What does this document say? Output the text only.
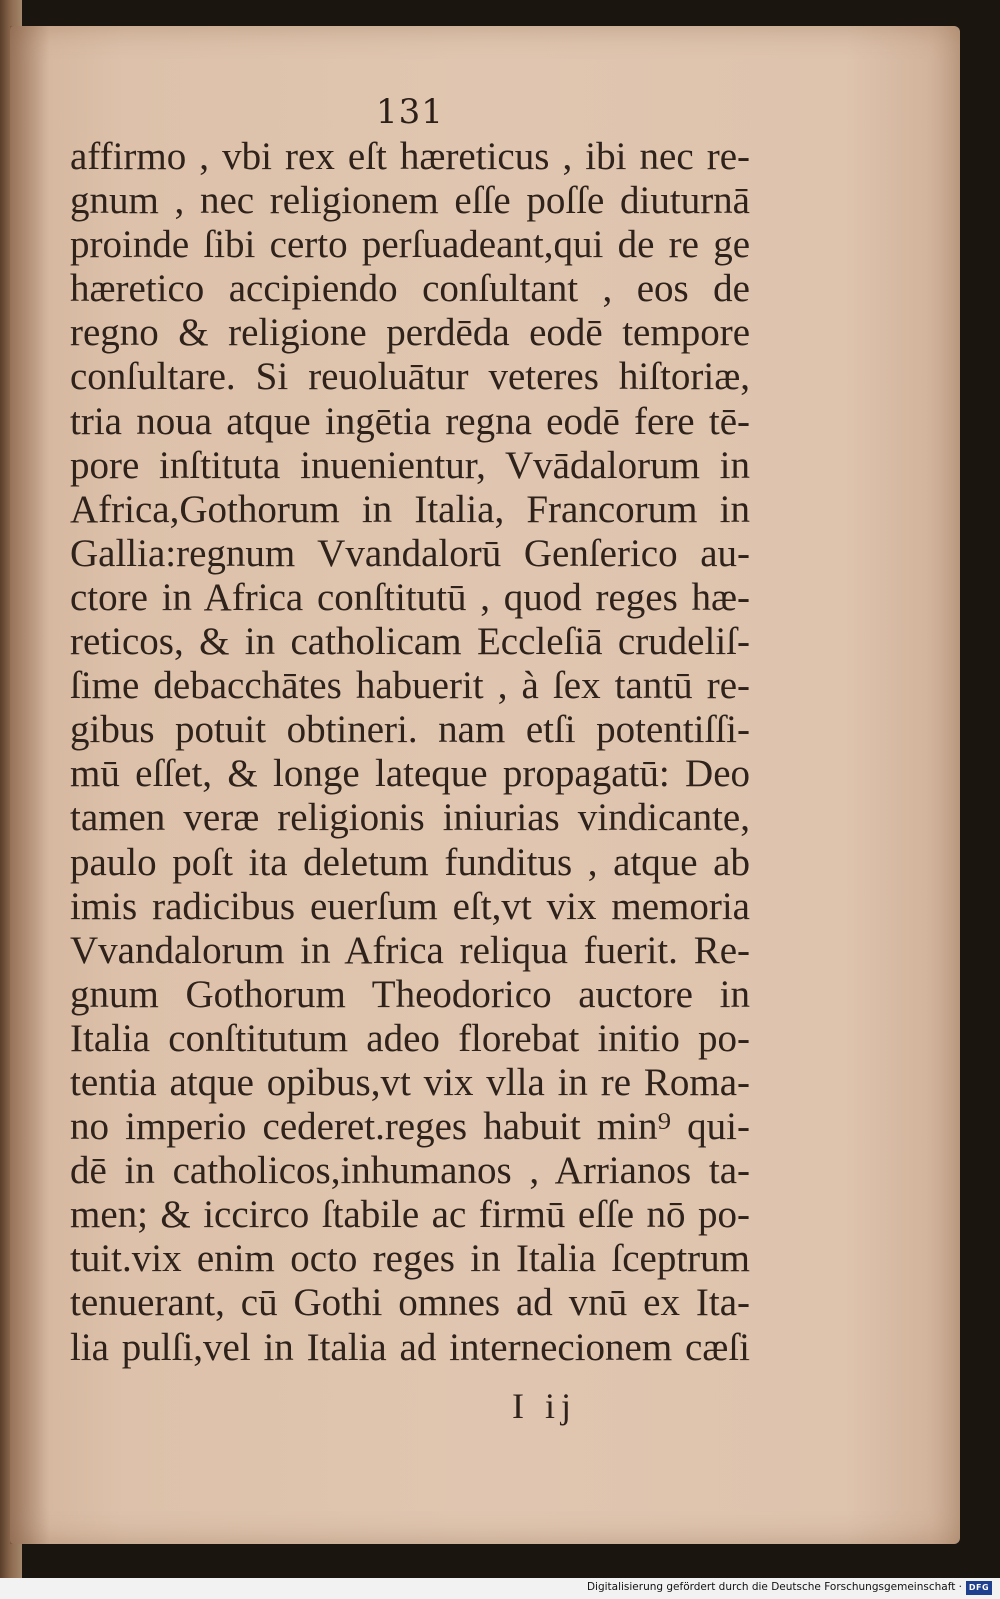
131
affirmo , vbi rex eſt hæreticus , ibi nec re-
gnum , nec religionem eſſe poſſe diuturnā
proinde ſibi certo perſuadeant,qui de re ge
hæretico accipiendo conſultant , eos de
regno & religione perdēda eodē tempore
conſultare. Si reuoluātur veteres hiſtoriæ,
tria noua atque ingētia regna eodē fere tē-
pore inſtituta inuenientur, Vvādalorum in
Africa,Gothorum in Italia, Francorum in
Gallia:regnum Vvandalorū Genſerico au-
ctore in Africa conſtitutū , quod reges hæ-
reticos, & in catholicam Eccleſiā crudeliſ-
ſime debacchātes habuerit , à ſex tantū re-
gibus potuit obtineri. nam etſi potentiſſi-
mū eſſet, & longe lateque propagatū: Deo
tamen veræ religionis iniurias vindicante,
paulo poſt ita deletum funditus , atque ab
imis radicibus euerſum eſt,vt vix memoria
Vvandalorum in Africa reliqua fuerit. Re-
gnum Gothorum Theodorico auctore in
Italia conſtitutum adeo florebat initio po-
tentia atque opibus,vt vix vlla in re Roma-
no imperio cederet.reges habuit min⁹ qui-
dē in catholicos,inhumanos , Arrianos ta-
men; & iccirco ſtabile ac firmū eſſe nō po-
tuit.vix enim octo reges in Italia ſceptrum
tenuerant, cū Gothi omnes ad vnū ex Ita-
lia pulſi,vel in Italia ad internecionem cæſi
I ij
Digitalisierung gefördert durch die Deutsche Forschungsgemeinschaft · DFG
